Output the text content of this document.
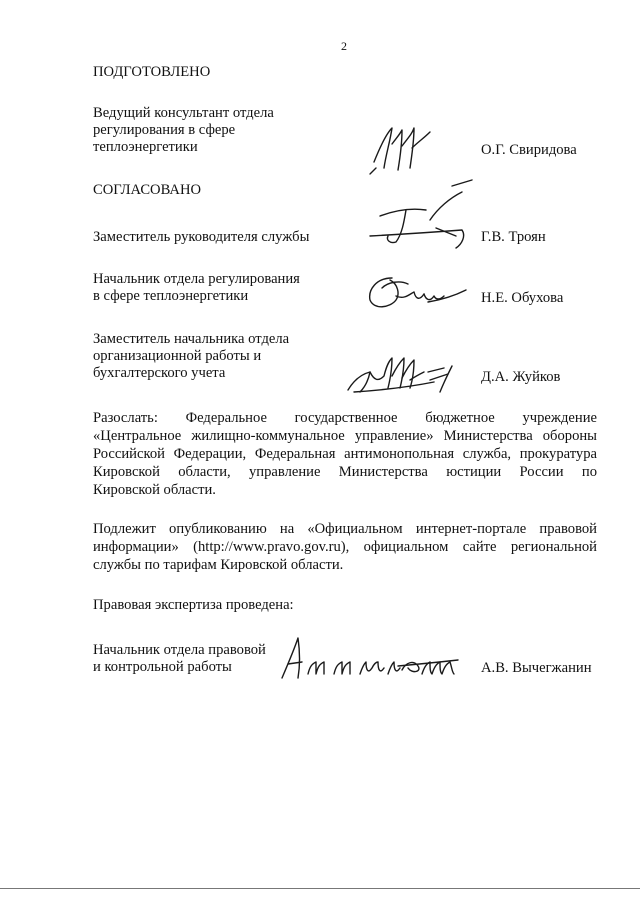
2
ПОДГОТОВЛЕНО
Ведущий консультант отдела
регулирования в сфере
теплоэнергетики	О.Г. Свиридова
СОГЛАСОВАНО
Заместитель руководителя службы	Г.В. Троян
Начальник отдела регулирования
в сфере теплоэнергетики	Н.Е. Обухова
Заместитель начальника отдела
организационной работы и
бухгалтерского учета	Д.А. Жуйков
Разослать: Федеральное государственное бюджетное учреждение
«Центральное жилищно-коммунальное управление» Министерства обороны
Российской Федерации, Федеральная антимонопольная служба, прокуратура
Кировской области, управление Министерства юстиции России по
Кировской области.
Подлежит опубликованию на «Официальном интернет-портале правовой
информации» (http://www.pravo.gov.ru), официальном сайте региональной
службы по тарифам Кировской области.
Правовая экспертиза проведена:
Начальник отдела правовой
и контрольной работы	А.В. Вычегжанин
